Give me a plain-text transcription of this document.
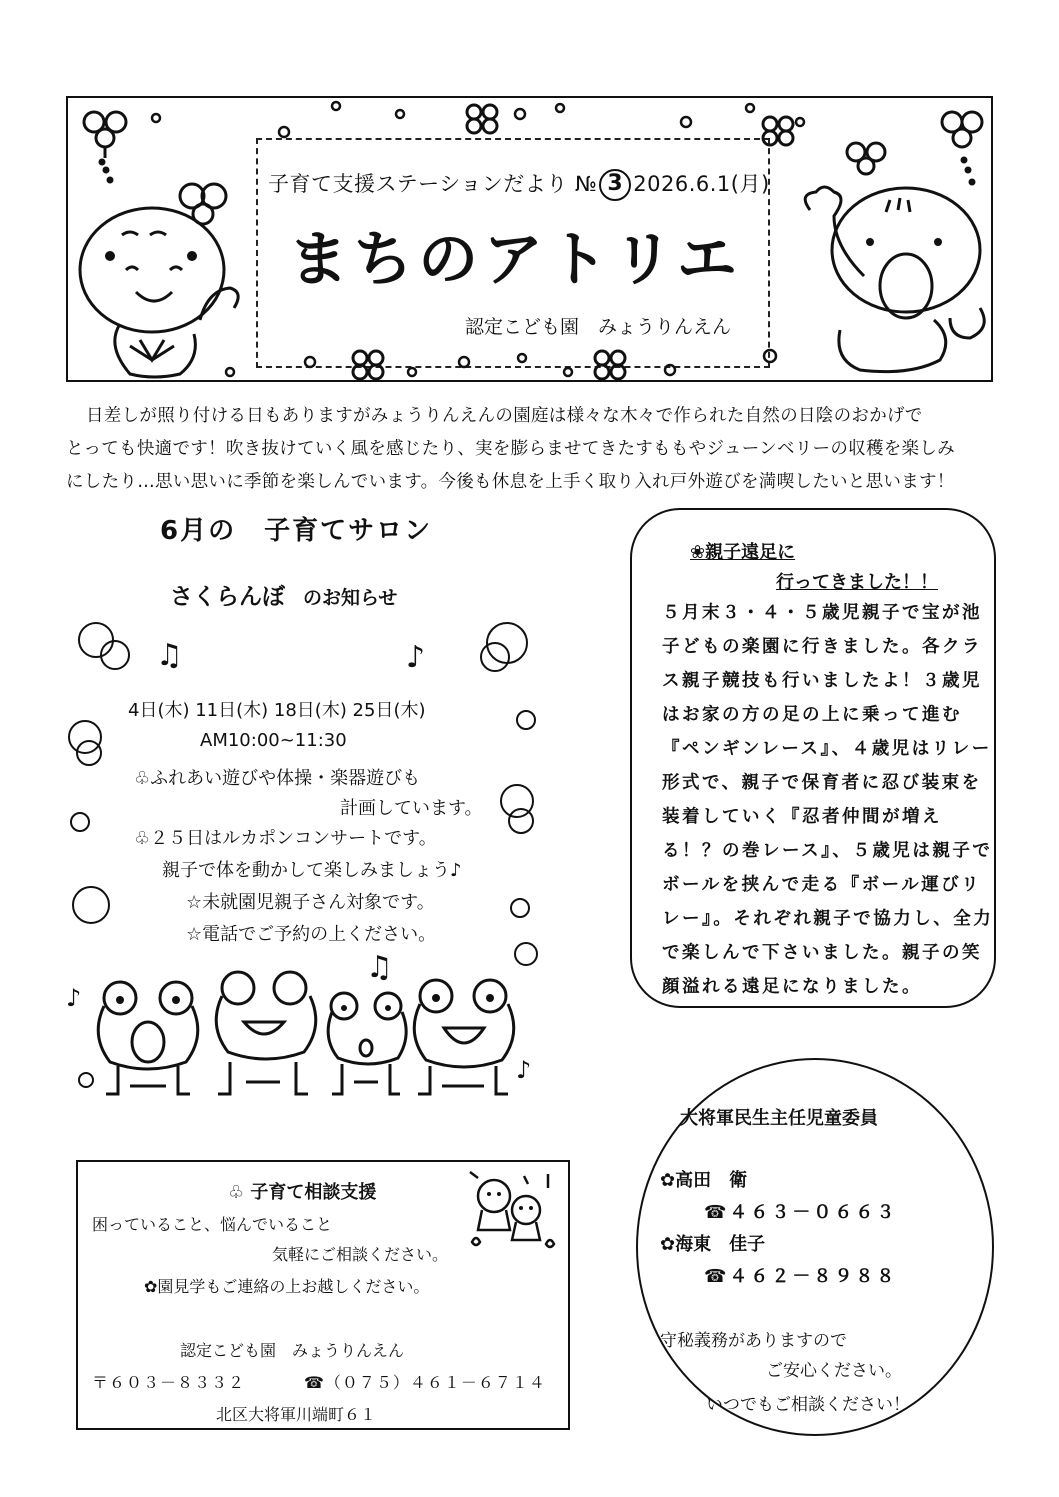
子育て支援ステーションだより № 3 2026.6.1(月)
まちのアトリエ
認定こども園　みょうりんえん

日差しが照り付ける日もありますがみょうりんえんの園庭は様々な木々で作られた自然の日陰のおかげで

とっても快適です！吹き抜けていく風を感じたり、実を膨らませてきたすももやジューンベリーの収穫を楽しみ

にしたり…思い思いに季節を楽しんでいます。今後も休息を上手く取り入れ戸外遊びを満喫したいと思います！

6月の　子育てサロン
さくらんぼ のお知らせ
4日(木) 11日(木) 18日(木) 25日(木)
AM10:00~11:30
♧ふれあい遊びや体操・楽器遊びも
計画しています。
♧２５日はルカポンコンサートです。
親子で体を動かして楽しみましょう♪
☆未就園児親子さん対象です。
☆電話でご予約の上ください。
♫	♪
♫
♪
♪
❀親子遠足に
行ってきました！！

５月末３・４・５歳児親子で宝が池

子どもの楽園に行きました。各クラ

ス親子競技も行いましたよ！３歳児

はお家の方の足の上に乗って進む

『ペンギンレース』、４歳児はリレー

形式で、親子で保育者に忍び装束を

装着していく『忍者仲間が増え

る！？の巻レース』、５歳児は親子で

ボールを挟んで走る『ボール運びリ

レー』。それぞれ親子で協力し、全力

で楽しんで下さいました。親子の笑

顔溢れる遠足になりました。

♧ 子育て相談支援
困っていること、悩んでいること
気軽にご相談ください。
✿園見学もご連絡の上お越しください。
認定こども園　みょうりんえん
〒６０３－８３３２	☎（０７５）４６１－６７１４
北区大将軍川端町６１
大将軍民生主任児童委員
✿高田　衛
☎４６３－０６６３
✿海東　佳子
☎４６２－８９８８
守秘義務がありますので
ご安心ください。
いつでもご相談ください！
